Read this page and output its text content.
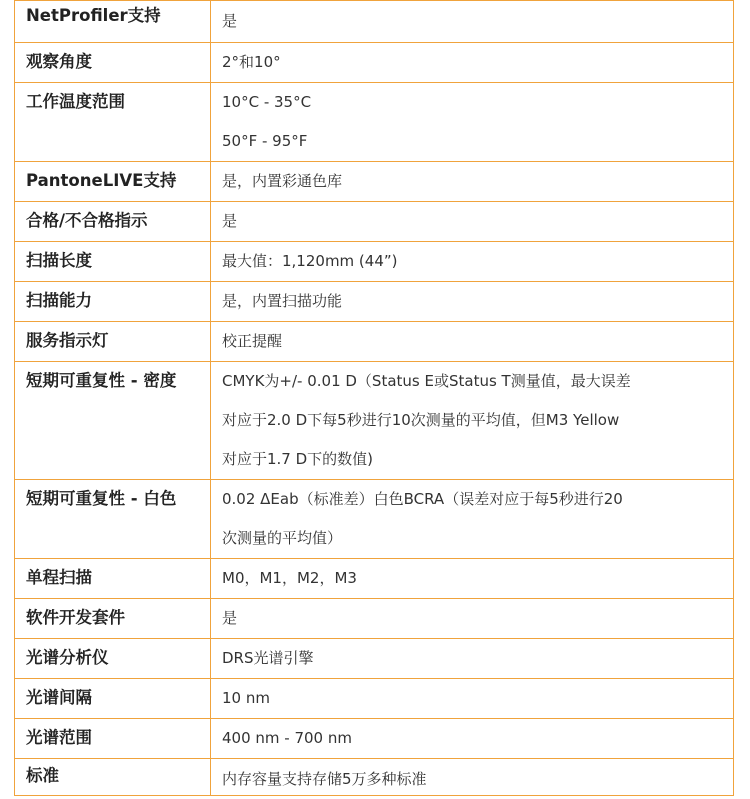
NetProfiler支持	是

观察角度	2°和10°

工作温度范围	10°C - 35°C
50°F - 95°F

PantoneLIVE支持	是，内置彩通色库

合格/不合格指示	是

扫描长度	最大值：1,120mm (44”)

扫描能力	是，内置扫描功能

服务指示灯	校正提醒

短期可重复性 - 密度	CMYK为+/- 0.01 D（Status E或Status T测量值，最大误差
对应于2.0 D下每5秒进行10次测量的平均值，但M3 Yellow
对应于1.7 D下的数值)

短期可重复性 - 白色	0.02 ΔEab（标准差）白色BCRA（误差对应于每5秒进行20
次测量的平均值）

单程扫描	M0，M1，M2，M3

软件开发套件	是

光谱分析仪	DRS光谱引擎

光谱间隔	10 nm

光谱范围	400 nm - 700 nm

标准	内存容量支持存储5万多种标准
